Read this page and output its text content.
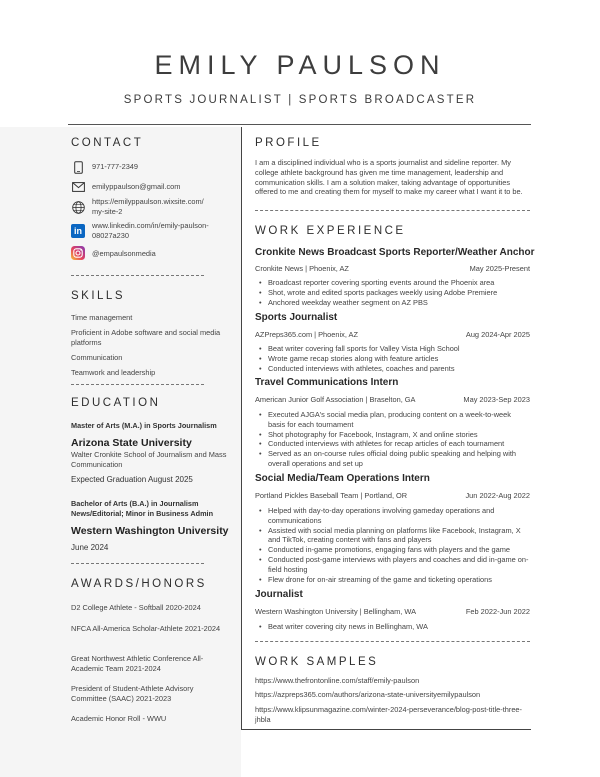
EMILY PAULSON
SPORTS JOURNALIST | SPORTS BROADCASTER
CONTACT
971-777-2349
emilyppaulson@gmail.com
https://emilyppaulson.wixsite.com/
my-site-2
in
www.linkedin.com/in/emily-paulson-
08027a230
@empaulsonmedia
SKILLS
Time management
Proficient in Adobe software and social media platforms
Communication
Teamwork and leadership
EDUCATION
Master of Arts (M.A.) in Sports Journalism
Arizona State University
Walter Cronkite School of Journalism and Mass Communication
Expected Graduation August 2025
Bachelor of Arts (B.A.) in Journalism News/Editorial; Minor in Business Admin
Western Washington University
June 2024
AWARDS/HONORS
D2 College Athlete - Softball 2020-2024
NFCA All-America Scholar-Athlete 2021-2024
Great Northwest Athletic Conference All-Academic Team 2021-2024
President of Student-Athlete Advisory Committee (SAAC) 2021-2023
Academic Honor Roll - WWU
PROFILE
I am a disciplined individual who is a sports journalist and sideline reporter. My college athlete background has given me time management, leadership and communication skills. I am a solution maker, taking advantage of opportunities offered to me and creating them for myself to make my career what I want it to be.
WORK EXPERIENCE
Cronkite News Broadcast Sports Reporter/Weather Anchor
Cronkite News | Phoenix, AZ	May 2025-Present
• Broadcast reporter covering sporting events around the Phoenix area
• Shot, wrote and edited sports packages weekly using Adobe Premiere
• Anchored weekday weather segment on AZ PBS
Sports Journalist
AZPreps365.com | Phoenix, AZ	Aug 2024-Apr 2025
• Beat writer covering fall sports for Valley Vista High School
• Wrote game recap stories along with feature articles
• Conducted interviews with athletes, coaches and parents
Travel Communications Intern
American Junior Golf Association | Braselton, GA	May 2023-Sep 2023
• Executed AJGA's social media plan, producing content on a week-to-week basis for each tournament
• Shot photography for Facebook, Instagram, X and online stories
• Conducted interviews with athletes for recap articles of each tournament
• Served as an on-course rules official doing public speaking and helping with overall operations and set up
Social Media/Team Operations Intern
Portland Pickles Baseball Team | Portland, OR	Jun 2022-Aug 2022
• Helped with day-to-day operations involving gameday operations and communications
• Assisted with social media planning on platforms like Facebook, Instagram, X and TikTok, creating content with fans and players
• Conducted in-game promotions, engaging fans with players and the game
• Conducted post-game interviews with players and coaches and did in-game on-field hosting
• Flew drone for on-air streaming of the game and ticketing operations
Journalist
Western Washington University | Bellingham, WA	Feb 2022-Jun 2022
• Beat writer covering city news in Bellingham, WA
WORK SAMPLES
https://www.thefrontonline.com/staff/emily-paulson
https://azpreps365.com/authors/arizona-state-universityemilypaulson
https://www.klipsunmagazine.com/winter-2024-perseverance/blog-post-title-three-jhbla
